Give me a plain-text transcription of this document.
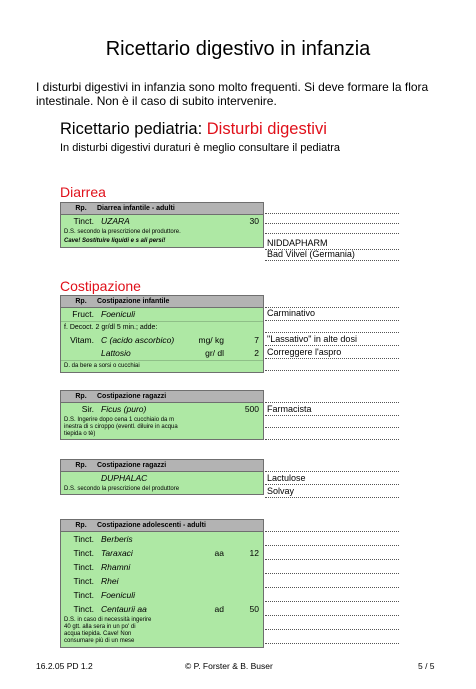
Ricettario digestivo in infanzia
I disturbi digestivi in infanzia sono molto frequenti. Si deve formare la flora intestinale. Non è il caso di subito intervenire.
Ricettario pediatria: Disturbi digestivi
In disturbi digestivi duraturi è meglio consultare il pediatra
Diarrea
Rp.	Diarrea infantile - adulti
Tinct. UZARA	30
D.S. secondo la prescrizione del produttore.
Cave! Sostituire liquidi e s ali persi!	NIDDAPHARM
Bad Vilvel (Germania)
Costipazione
Rp.	Costipazione infantile
Fruct. Foeniculi
f. Decoct. 2 gr/dl 5 min.; adde:
Vitam. C (acido ascorbico)	mg/ kg	7
Lattosio	gr/ dl	2
D. da bere a sorsi o cucchiai
Carminativo
"Lassativo" in alte dosi
Correggere l'aspro
Rp.	Costipazione ragazzi
Sir. Ficus (puro)	500
D.S. Ingerire dopo cena 1 cucchiaio da m inestra di s ciroppo (eventl. diluire in acqua tiepida o tè)
Farmacista
Rp.	Costipazione ragazzi
DUPHALAC
D.S. secondo la prescrizione del produttore
Lactulose
Solvay
Rp.	Costipazione adolescenti - adulti
Tinct. Berberis
Tinct. Taraxaci	aa	12
Tinct. Rhamni
Tinct. Rhei
Tinct. Foeniculi
Tinct. Centaurii aa	ad	50
D.S. in caso di necessità ingerire 40 gtt. alla sera in un po' di acqua tiepida. Cave! Non consumare più di un mese
16.2.05 PD 1.2	© P. Forster & B. Buser	5 / 5
